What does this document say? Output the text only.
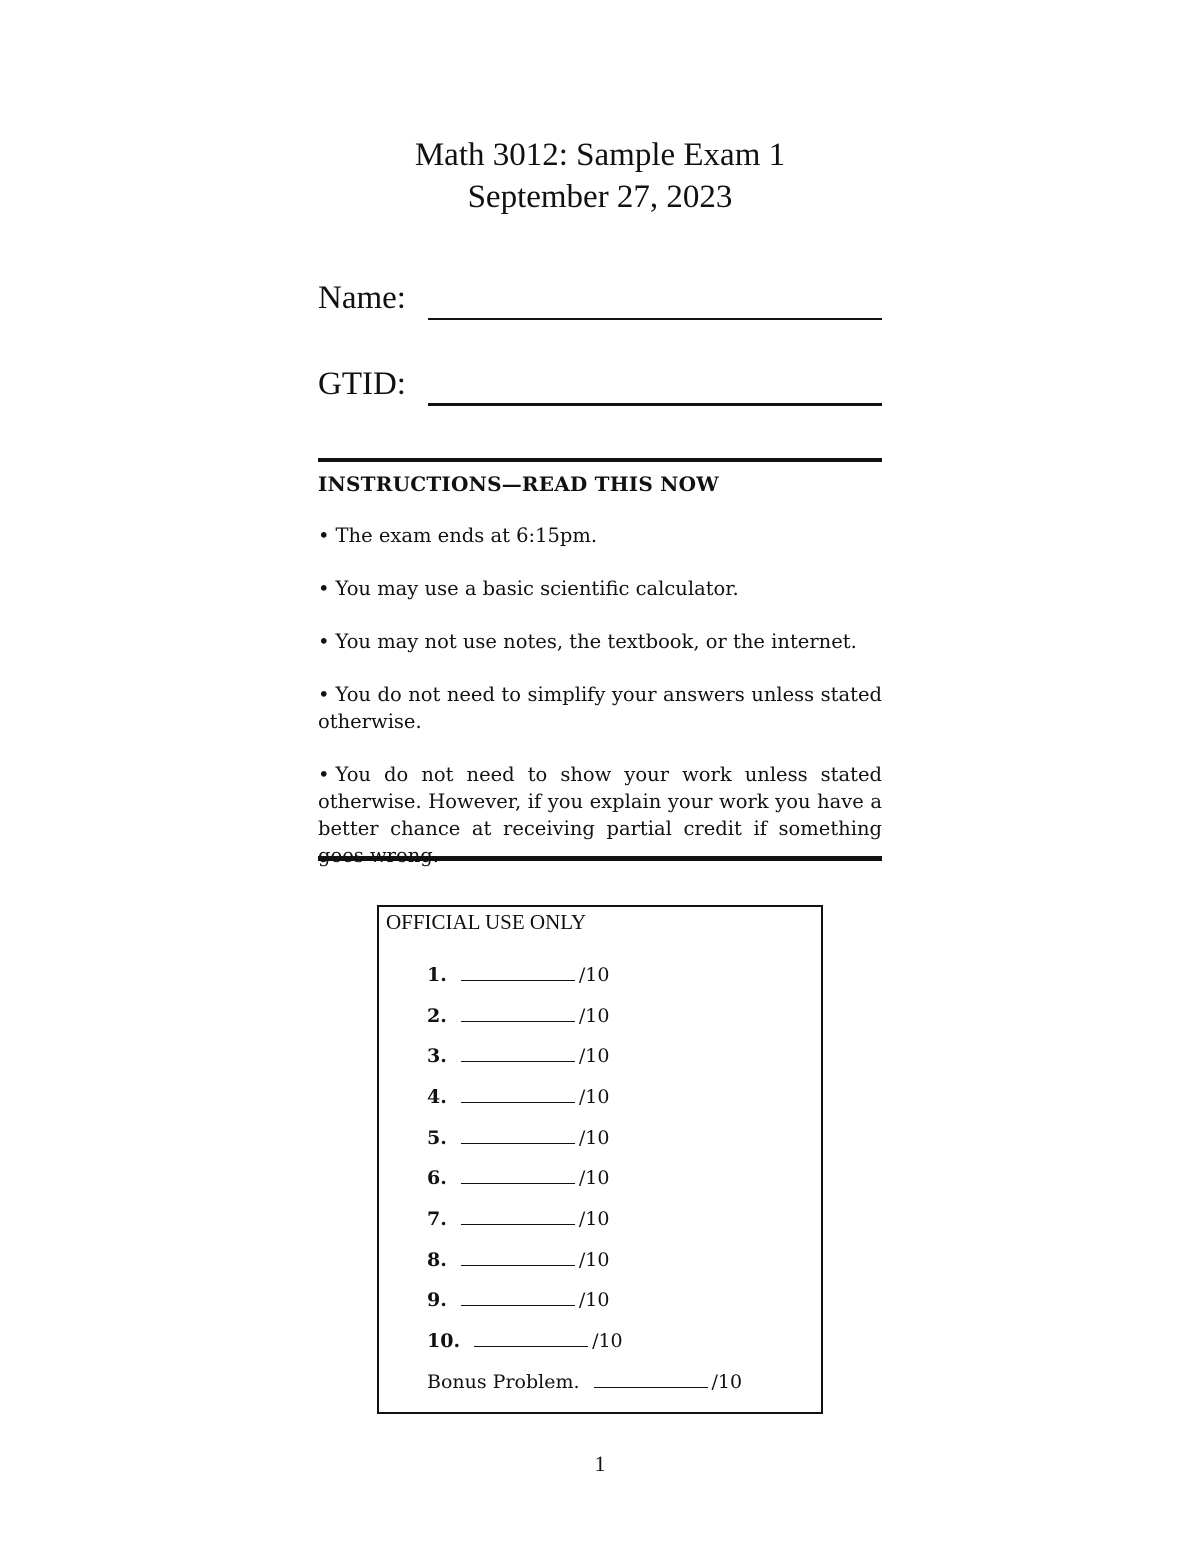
Math 3012: Sample Exam 1
September 27, 2023
Name:
GTID:
INSTRUCTIONS—READ THIS NOW
• The exam ends at 6:15pm.
• You may use a basic scientific calculator.
• You may not use notes, the textbook, or the internet.
• You do not need to simplify your answers unless stated otherwise.
• You do not need to show your work unless stated otherwise. However, if you explain your work you have a better chance at receiving partial credit if something
OFFICIAL USE ONLY
1.	/10
2.	/10
3.	/10
4.	/10
5.	/10
6.	/10
7.	/10
8.	/10
9.	/10
10.	/10
Bonus Problem.	/10
1
